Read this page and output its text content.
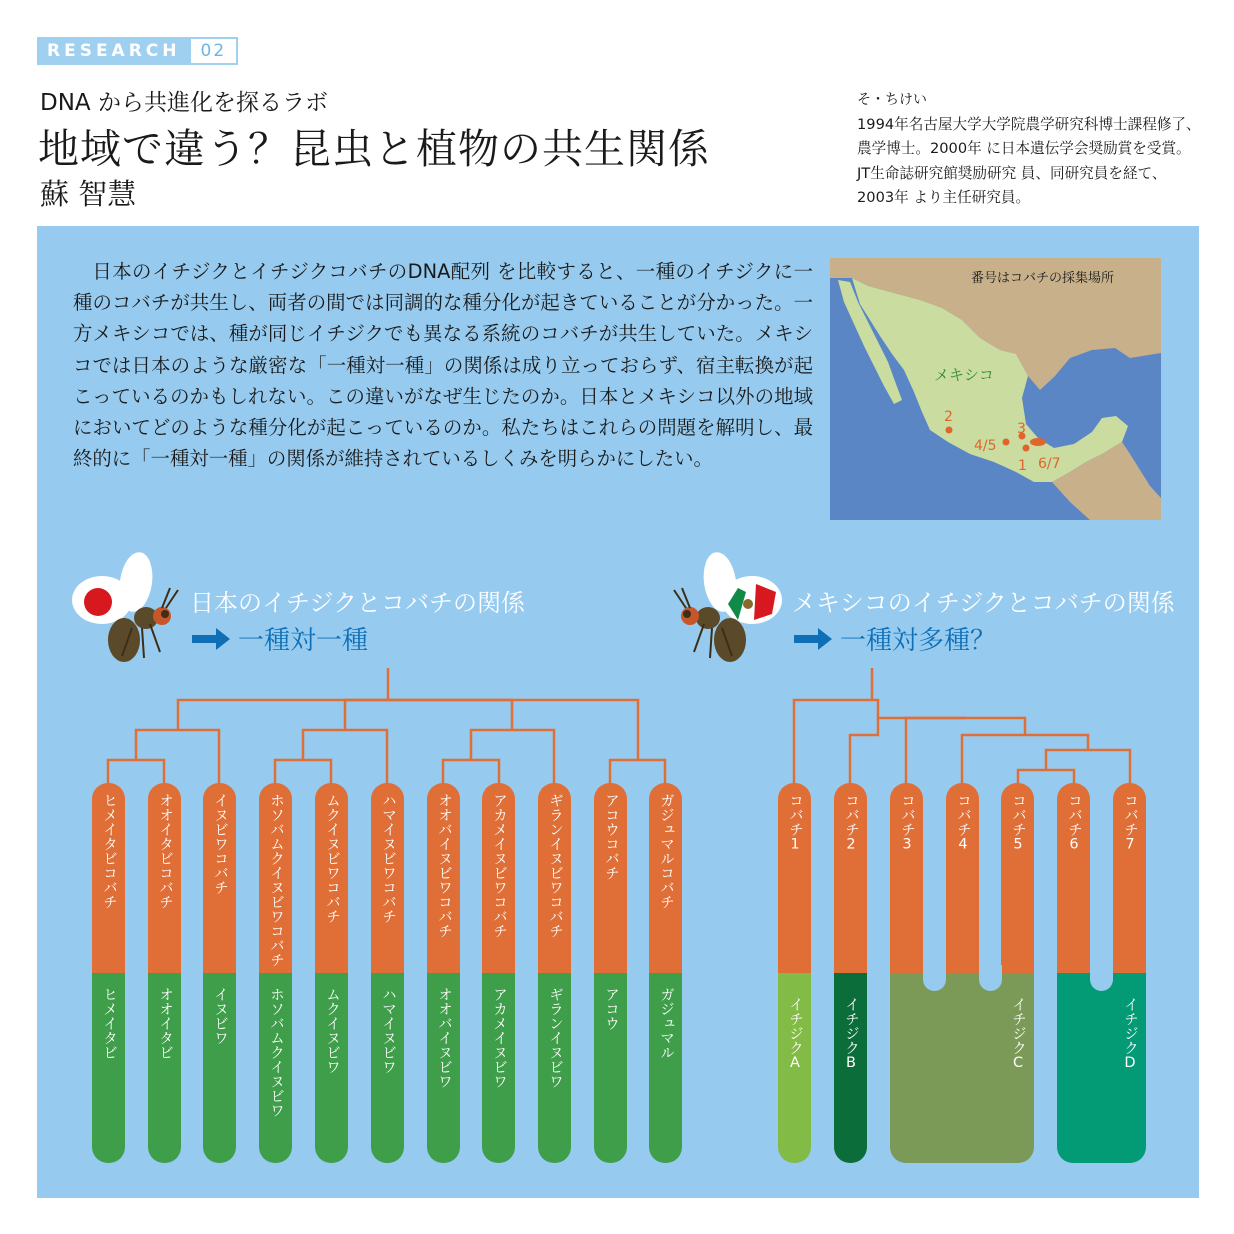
RESEARCH	02
DNA から共進化を探るラボ
地域で違う？昆虫と植物の共生関係
蘇 智慧
そ・ちけい
1994年名古屋大学大学院農学研究科博士課程修了、農学博士。2000年 に日本遺伝学会奨励賞を受賞。JT生命誌研究館奨励研究 員、同研究員を経て、2003年 より主任研究員。
日本のイチジクとイチジクコバチのDNA配列 を比較すると、一種のイチジクに一種のコバチが共生し、両者の間では同調的な種分化が起きていることが分かった。一方メキシコでは、種が同じイチジクでも異なる系統のコバチが共生していた。メキシコでは日本のような厳密な「一種対一種」の関係は成り立っておらず、宿主転換が起こっているのかもしれない。この違いがなぜ生じたのか。日本とメキシコ以外の地域においてどのような種分化が起こっているのか。私たちはこれらの問題を解明し、最終的に「一種対一種」の関係が維持されているしくみを明らかにしたい。
番号はコバチの採集場所
メキシコ
2
3
4/5
1 6/7
日本のイチジクとコバチの関係
一種対一種
メキシコのイチジクとコバチの関係
一種対多種？
ヒメイタビコバチ
ヒメイタビ
オオイタビコバチ
オオイタビ
イヌビワコバチ
イヌビワ
ホソバムクイヌビワコバチ
ホソバムクイヌビワ
ムクイヌビワコバチ
ムクイヌビワ
ハマイヌビワコバチ
ハマイヌビワ
オオバイヌビワコバチ
オオバイヌビワ
アカメイヌビワコバチ
アカメイヌビワ
ギランイヌビワコバチ
ギランイヌビワ
アコウコバチ
アコウ
ガジュマルコバチ
ガジュマル
コバチ1	コバチ2	コバチ3	コバチ4	コバチ5	コバチ6	コバチ7
イチジクA	イチジクB	イチジクC	イチジクD
